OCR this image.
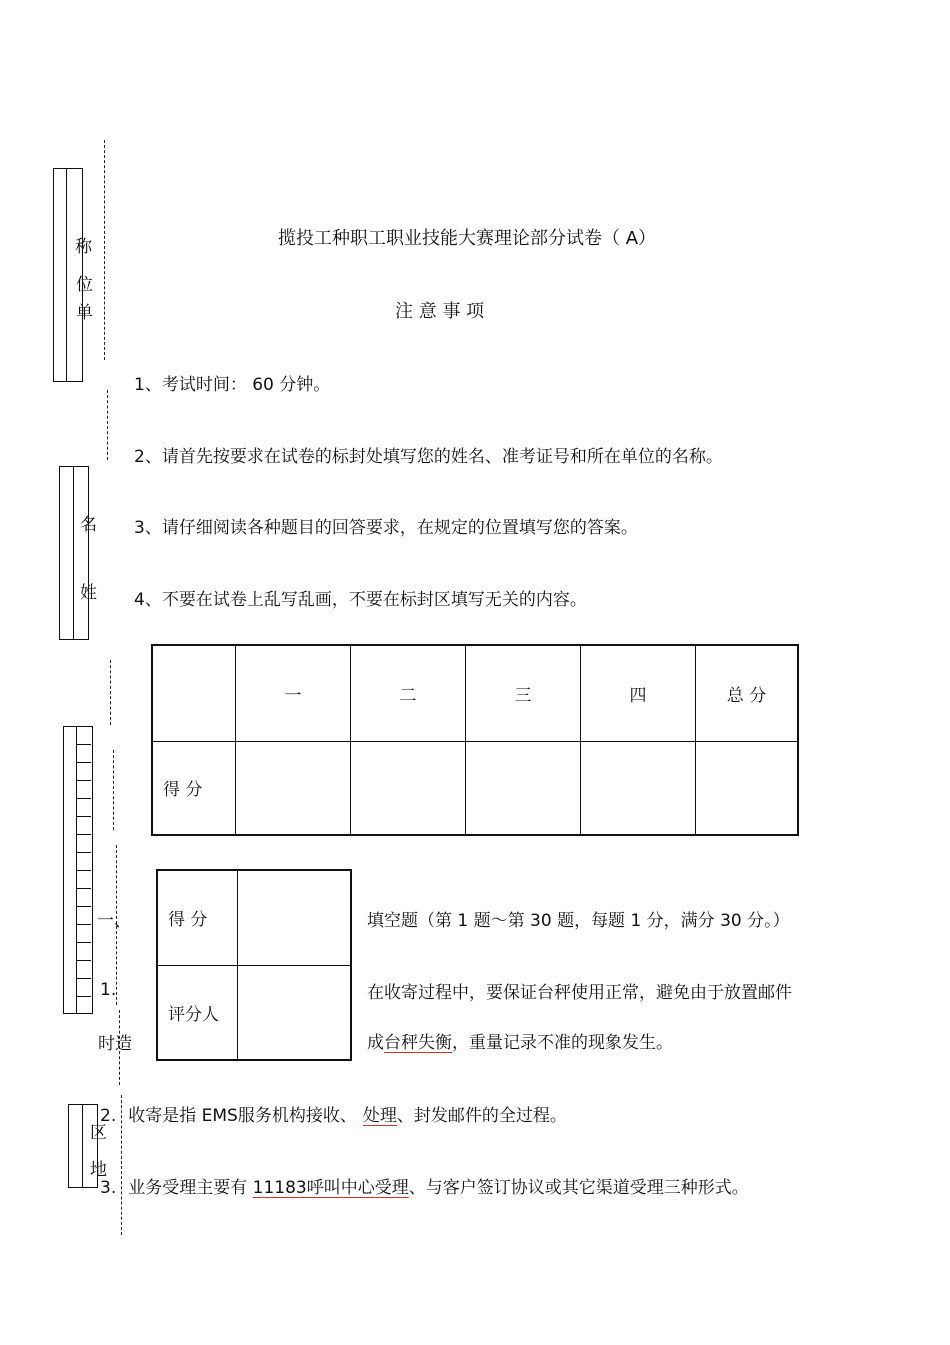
称
位
单
名
姓
一、
1.
时造
区
地
揽投工种职工职业技能大赛理论部分试卷（ A）
注 意 事 项
1、考试时间： 60 分钟。
2、请首先按要求在试卷的标封处填写您的姓名、准考证号和所在单位的名称。
3、请仔细阅读各种题目的回答要求，在规定的位置填写您的答案。
4、不要在试卷上乱写乱画，不要在标封区填写无关的内容。
	一	二	三	四	总 分
得 分					
得 分	
评分人	
填空题（第 1 题～第 30 题，每题 1 分，满分 30 分。）
在收寄过程中，要保证台秤使用正常，避免由于放置邮件
成台秤失衡，重量记录不准的现象发生。
2. 收寄是指 EMS服务机构接收、 处理、封发邮件的全过程。
3. 业务受理主要有 11183呼叫中心受理、与客户签订协议或其它渠道受理三种形式。
